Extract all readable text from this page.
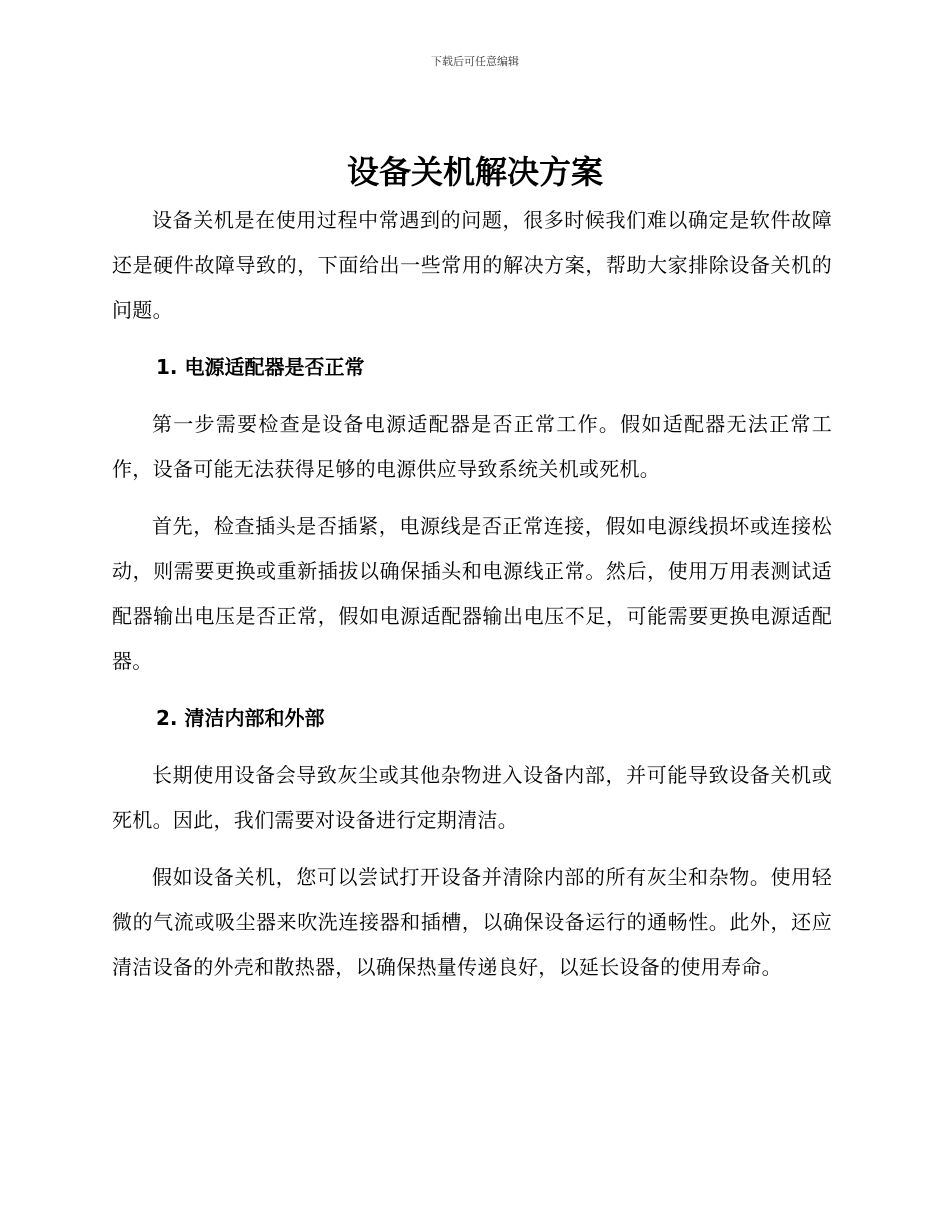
下载后可任意编辑
设备关机解决方案

设备关机是在使用过程中常遇到的问题，很多时候我们难以确定是软件故障还是硬件故障导致的，下面给出一些常用的解决方案，帮助大家排除设备关机的问题。

1. 电源适配器是否正常

第一步需要检查是设备电源适配器是否正常工作。假如适配器无法正常工作，设备可能无法获得足够的电源供应导致系统关机或死机。

首先，检查插头是否插紧，电源线是否正常连接，假如电源线损坏或连接松动，则需要更换或重新插拔以确保插头和电源线正常。然后，使用万用表测试适配器输出电压是否正常，假如电源适配器输出电压不足，可能需要更换电源适配器。

2. 清洁内部和外部

长期使用设备会导致灰尘或其他杂物进入设备内部，并可能导致设备关机或死机。因此，我们需要对设备进行定期清洁。

假如设备关机，您可以尝试打开设备并清除内部的所有灰尘和杂物。使用轻微的气流或吸尘器来吹洗连接器和插槽，以确保设备运行的通畅性。此外，还应清洁设备的外壳和散热器，以确保热量传递良好，以延长设备的使用寿命。
